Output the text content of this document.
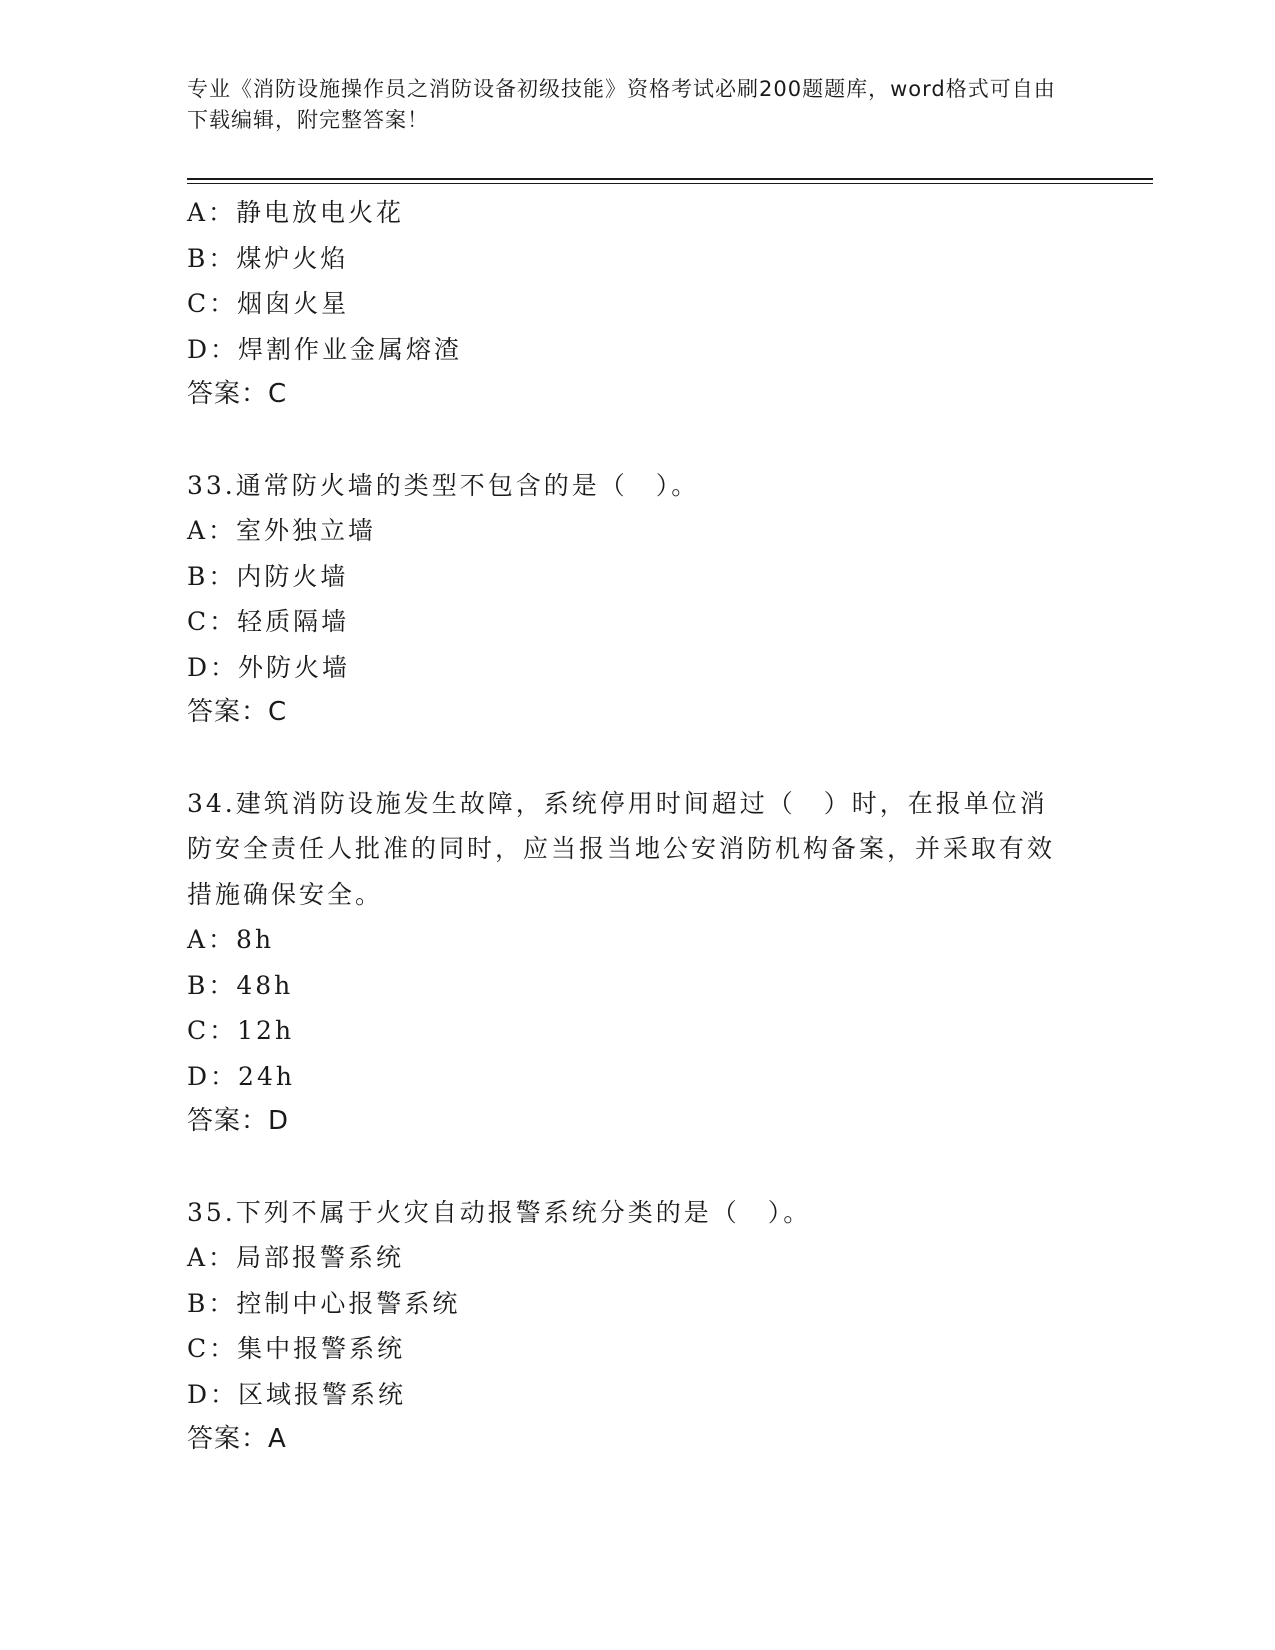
专业《消防设施操作员之消防设备初级技能》资格考试必刷200题题库，word格式可自由下载编辑，附完整答案！
A：静电放电火花
B：煤炉火焰
C：烟囱火星
D：焊割作业金属熔渣
答案：C
33.通常防火墙的类型不包含的是（　）。
A：室外独立墙
B：内防火墙
C：轻质隔墙
D：外防火墙
答案：C
34.建筑消防设施发生故障，系统停用时间超过（　）时，在报单位消防安全责任人批准的同时，应当报当地公安消防机构备案，并采取有效措施确保安全。
A：8h
B：48h
C：12h
D：24h
答案：D
35.下列不属于火灾自动报警系统分类的是（　）。
A：局部报警系统
B：控制中心报警系统
C：集中报警系统
D：区域报警系统
答案：A
